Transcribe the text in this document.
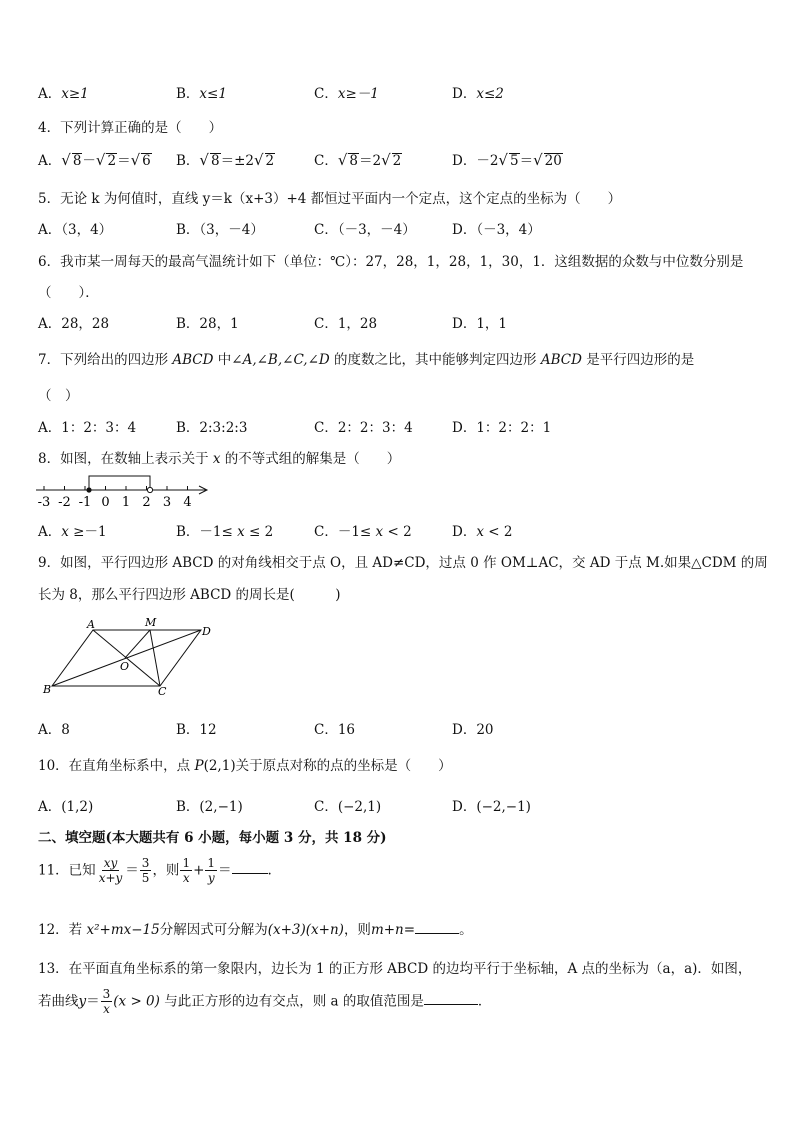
A．x≥1	B．x≤1	C．x≥－1	D．x≤2
4．下列计算正确的是（　　）
A．√ 8－√ 2＝√ 6 B．√ 8＝±2√ 2	C．√ 8＝2√ 2	D．－2√ 5＝√ 20
5．无论 k 为何值时，直线 y＝k（x+3）+4 都恒过平面内一个定点，这个定点的坐标为（　　）
A．（3，4）	B．（3，－4）	C．（－3，－4）	D．（－3，4）
6．我市某一周每天的最高气温统计如下（单位：℃）：27，28，1，28，1，30，1．这组数据的众数与中位数分别是
（　　）．
A．28，28	B．28，1	C．1，28	D．1，1
7．下列给出的四边形 ABCD 中∠A,∠B,∠C,∠D 的度数之比，其中能够判定四边形 ABCD 是平行四边形的是
（　）
A．1：2：3：4	B．2:3:2:3	C．2：2：3：4	D．1：2：2：1
8．如图，在数轴上表示关于 x 的不等式组的解集是（　　）
-3 -2 -1 0 1 2 3 4
A．x ≥－1	B．－1≤ x ≤ 2	C．－1≤ x < 2	D．x < 2
9．如图，平行四边形 ABCD 的对角线相交于点 O，且 AD≠CD，过点 0 作 OM⊥AC，交 AD 于点 M.如果△CDM 的周
长为 8，那么平行四边形 ABCD 的周长是(　　　)
A	M
D
O
B	C
A．8	B．12	C．16	D．20
10．在直角坐标系中，点 P(2,1)关于原点对称的点的坐标是（　　）
A．(1,2)	B．(2,−1)	C．(−2,1)	D．(−2,−1)
二、填空题(本大题共有 6 小题，每小题 3 分，共 18 分)
11．已知 $\frac{xy}{x+y} = \frac{3}{5}$ ，则 $\frac{1}{x} + \frac{1}{y}$ ＝	.
12．若 x²+mx−15分解因式可分解为(x+3)(x+n)，则m+n=	。
13．在平面直角坐标系的第一象限内，边长为 1 的正方形 ABCD 的边均平行于坐标轴，A 点的坐标为（a，a)．如图，
若曲线$y= \frac{3}{x} (x > 0)$ 与此正方形的边有交点，则 a 的取值范围是	．
